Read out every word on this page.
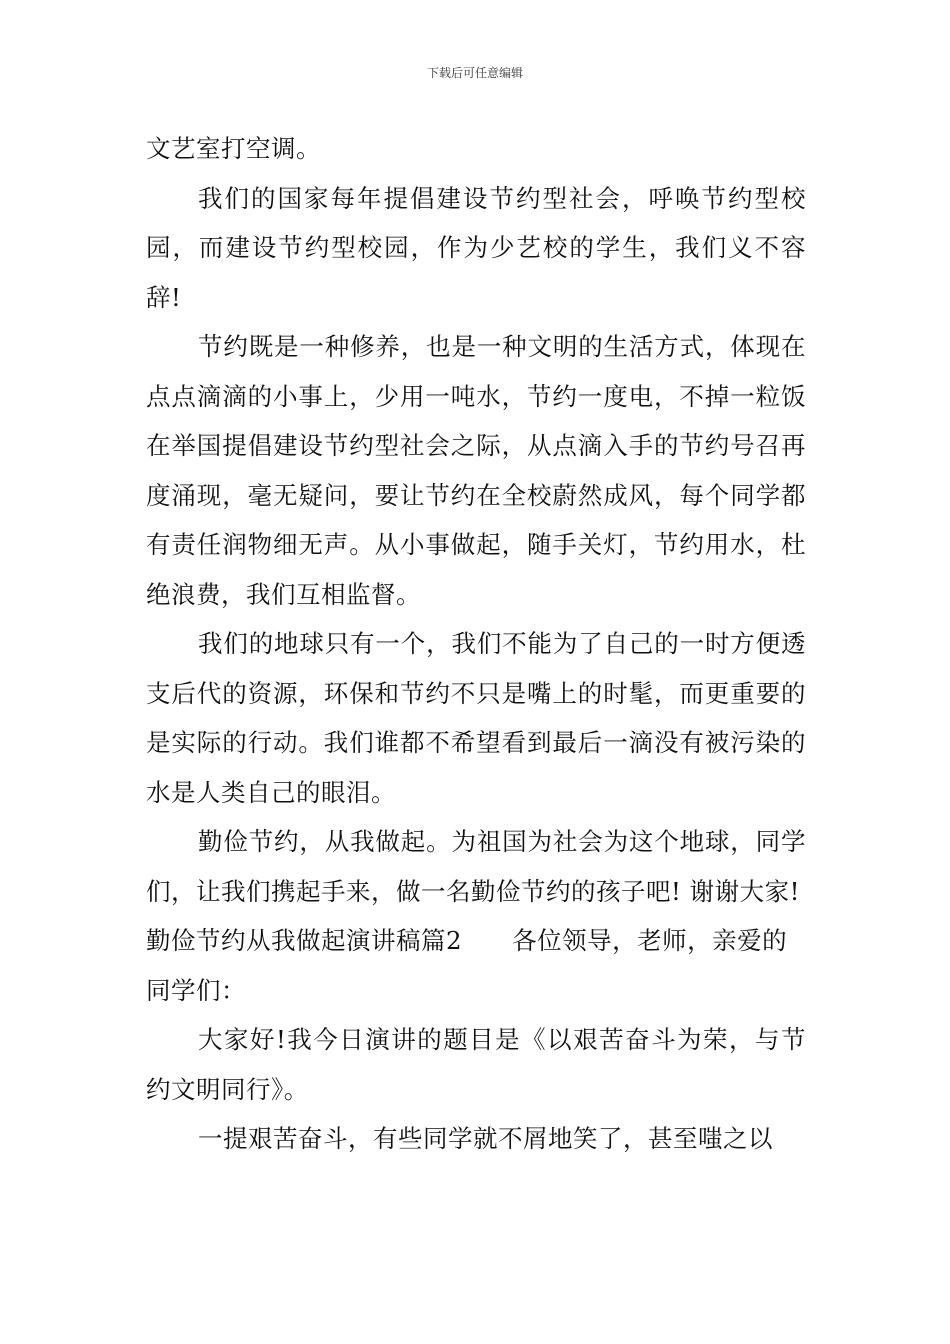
下载后可任意编辑

文艺室打空调。

我们的国家每年提倡建设节约型社会，呼唤节约型校园，而建设节约型校园，作为少艺校的学生，我们义不容辞!

节约既是一种修养，也是一种文明的生活方式，体现在点点滴滴的小事上，少用一吨水，节约一度电，不掉一粒饭在举国提倡建设节约型社会之际，从点滴入手的节约号召再度涌现，毫无疑问，要让节约在全校蔚然成风，每个同学都有责任润物细无声。从小事做起，随手关灯，节约用水，杜绝浪费，我们互相监督。

我们的地球只有一个，我们不能为了自己的一时方便透支后代的资源，环保和节约不只是嘴上的时髦，而更重要的是实际的行动。我们谁都不希望看到最后一滴没有被污染的水是人类自己的眼泪。

勤俭节约，从我做起。为祖国为社会为这个地球，同学们，让我们携起手来，做一名勤俭节约的孩子吧! 谢谢大家!

勤俭节约从我做起演讲稿篇2 各位领导，老师，亲爱的

同学们：

大家好!我今日演讲的题目是《以艰苦奋斗为荣，与节约文明同行》。

一提艰苦奋斗，有些同学就不屑地笑了，甚至嗤之以
